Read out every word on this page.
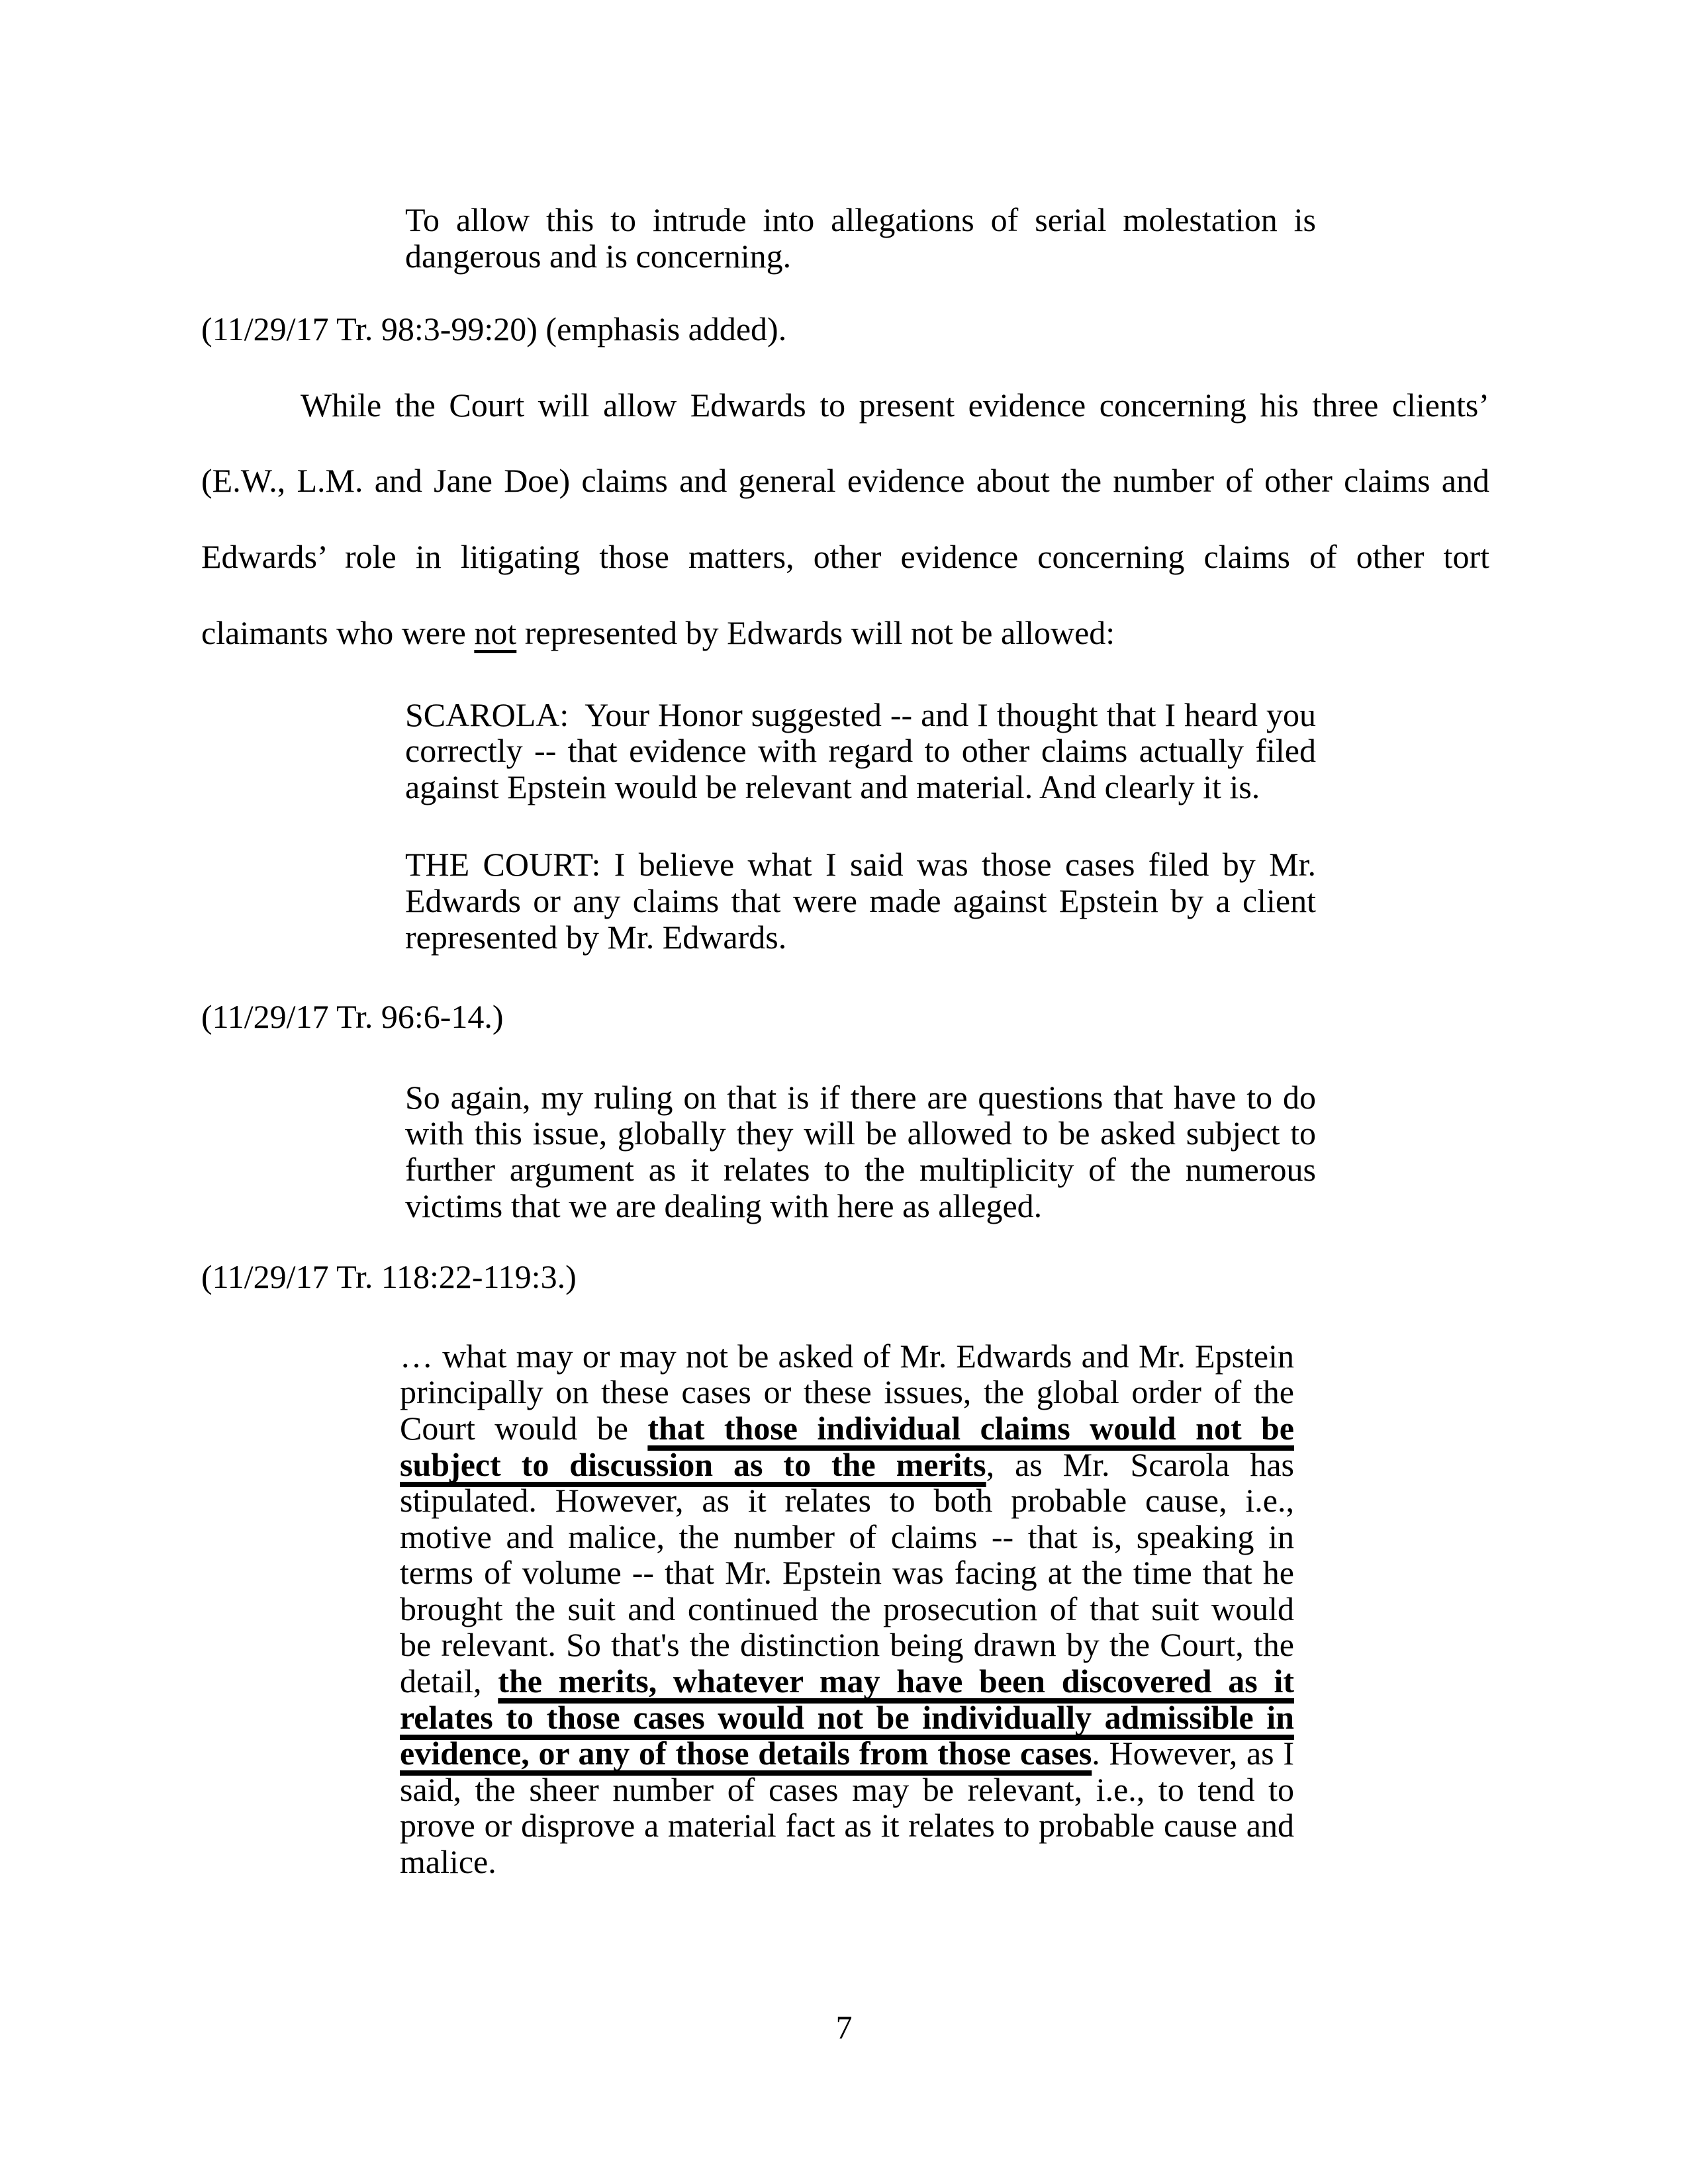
To allow this to intrude into allegations of serial molestation is dangerous and is concerning.
(11/29/17 Tr. 98:3-99:20) (emphasis added).
While the Court will allow Edwards to present evidence concerning his three clients’ (E.W., L.M. and Jane Doe) claims and general evidence about the number of other claims and Edwards’ role in litigating those matters, other evidence concerning claims of other tort claimants who were not represented by Edwards will not be allowed:
SCAROLA:  Your Honor suggested -- and I thought that I heard you correctly -- that evidence with regard to other claims actually filed against Epstein would be relevant and material. And clearly it is.
THE COURT: I believe what I said was those cases filed by Mr. Edwards or any claims that were made against Epstein by a client represented by Mr. Edwards.
(11/29/17 Tr. 96:6-14.)
So again, my ruling on that is if there are questions that have to do with this issue, globally they will be allowed to be asked subject to further argument as it relates to the multiplicity of the numerous victims that we are dealing with here as alleged.
(11/29/17 Tr. 118:22-119:3.)
… what may or may not be asked of Mr. Edwards and Mr. Epstein principally on these cases or these issues, the global order of the Court would be that those individual claims would not be subject to discussion as to the merits, as Mr. Scarola has stipulated. However, as it relates to both probable cause, i.e., motive and malice, the number of claims -- that is, speaking in terms of volume -- that Mr. Epstein was facing at the time that he brought the suit and continued the prosecution of that suit would be relevant. So that's the distinction being drawn by the Court, the detail, the merits, whatever may have been discovered as it relates to those cases would not be individually admissible in evidence, or any of those details from those cases. However, as I said, the sheer number of cases may be relevant, i.e., to tend to prove or disprove a material fact as it relates to probable cause and malice.
7
